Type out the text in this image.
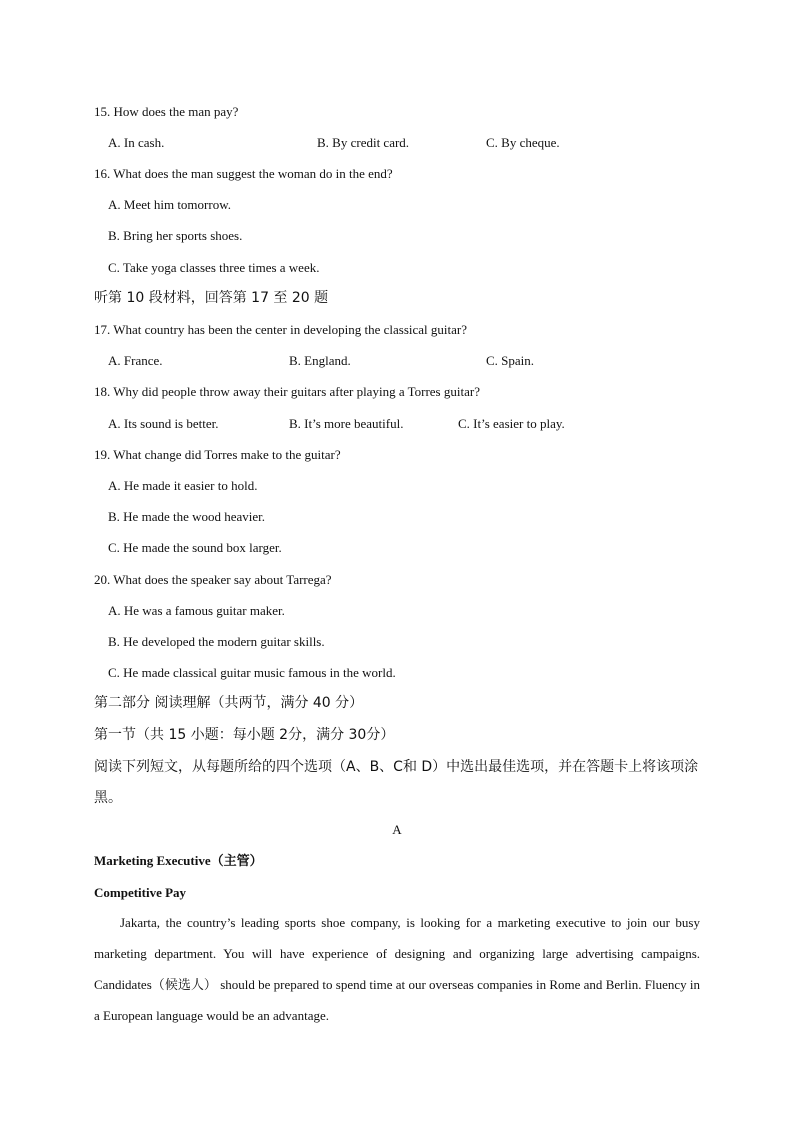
15. How does the man pay?
A. In cash.	B. By credit card.	C. By cheque.
16. What does the man suggest the woman do in the end?
A. Meet him tomorrow.
B. Bring her sports shoes.
C. Take yoga classes three times a week.
听第 10 段材料，回答第 17 至 20 题
17. What country has been the center in developing the classical guitar?
A. France.	B. England.	C. Spain.
18. Why did people throw away their guitars after playing a Torres guitar?
A. Its sound is better.	B. It’s more beautiful.	C. It’s easier to play.
19. What change did Torres make to the guitar?
A. He made it easier to hold.
B. He made the wood heavier.
C. He made the sound box larger.
20. What does the speaker say about Tarrega?
A. He was a famous guitar maker.
B. He developed the modern guitar skills.
C. He made classical guitar music famous in the world.
第二部分 阅读理解（共两节，满分 40 分）
第一节（共 15 小题：每小题 2分，满分 30分）
阅读下列短文，从每题所给的四个选项（A、B、C和 D）中选出最佳选项，并在答题卡上将该项涂
黑。
A
Marketing Executive（主管）
Competitive Pay
Jakarta, the country’s leading sports shoe company, is looking for a marketing executive to join our busy marketing department. You will have experience of designing and organizing large advertising campaigns. Candidates（候选人） should be prepared to spend time at our overseas companies in Rome and Berlin. Fluency in a European language would be an advantage.
